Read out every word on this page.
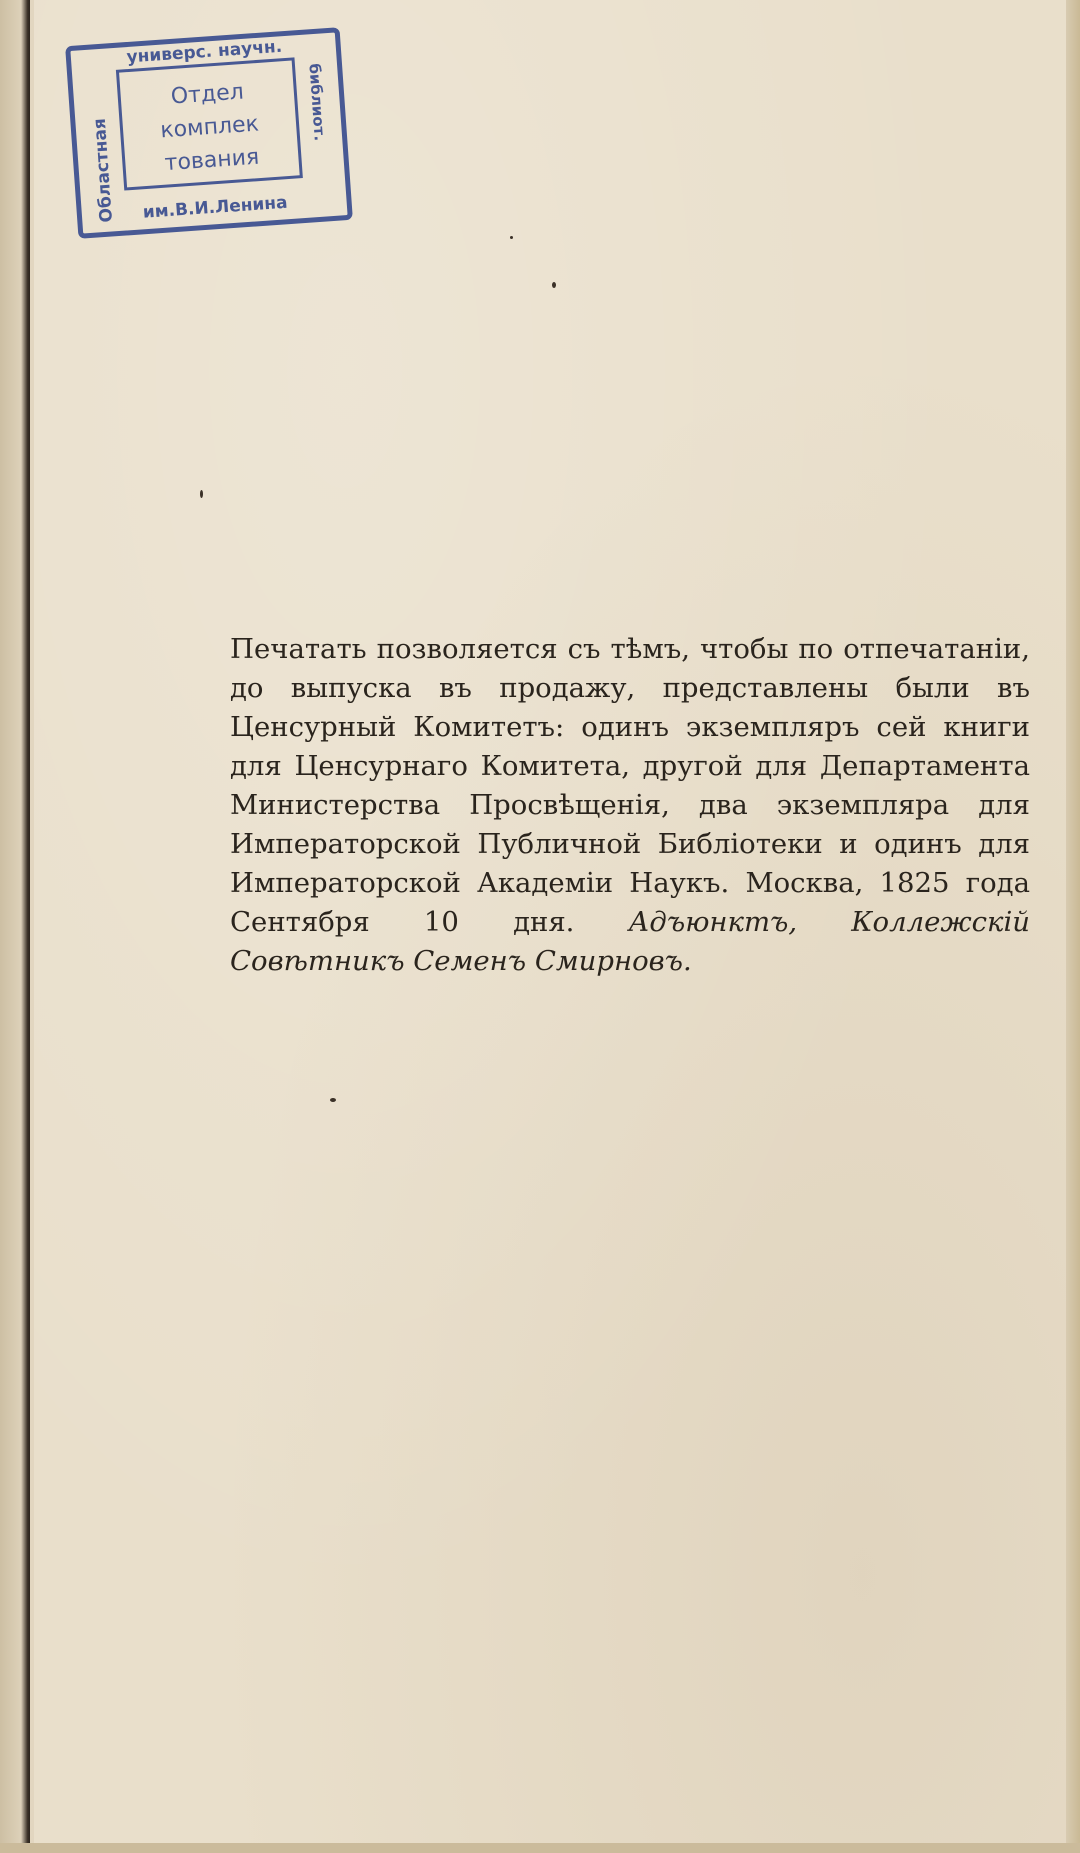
универс. научн.
Областная
библиот.
Отдел
комплек
тования
им.В.И.Ленина

Печатать позволяется съ тѣмъ, чтобы по отпечатаніи, до выпуска въ продажу, представлены были въ Ценсурный Комитетъ: одинъ экземпляръ сей книги для Ценсурнаго Комитета, другой для Департамента Министерства Просвѣщенія, два экземпляра для Императорской Публичной Библіотеки и одинъ для Императорской Академіи Наукъ. Москва, 1825 года Сентября 10 дня. Адъюнктъ, Коллежскій Совѣтникъ Семенъ Смирновъ.
